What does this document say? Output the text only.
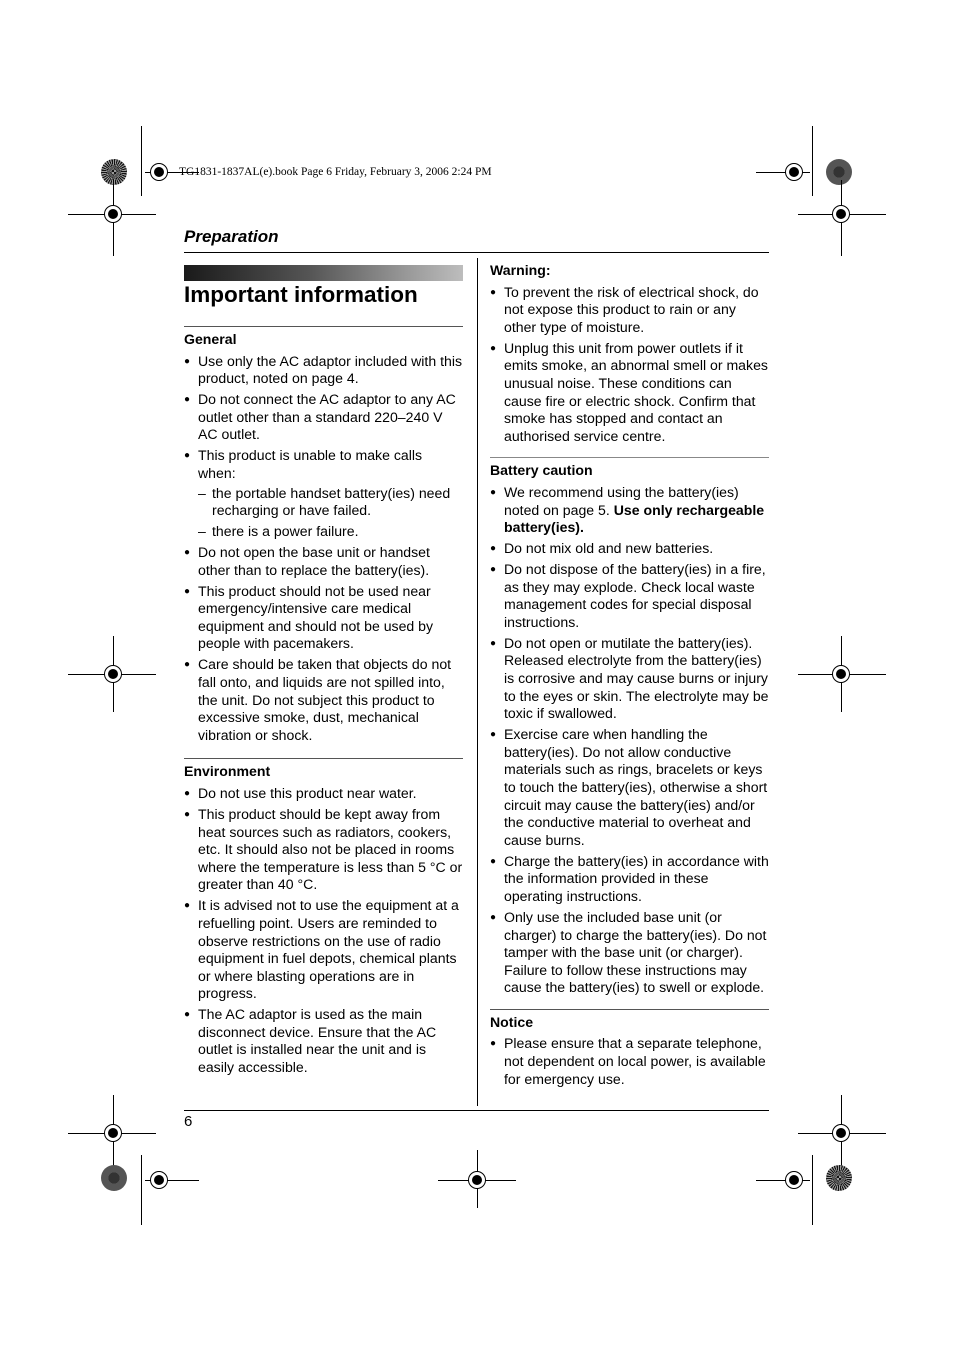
TG1831-1837AL(e).book Page 6 Friday, February 3, 2006 2:24 PM
Preparation
Important information
General
● Use only the AC adaptor included with this product, noted on page 4.
● Do not connect the AC adaptor to any AC outlet other than a standard 220–240 V AC outlet.
● This product is unable to make calls when:
– the portable handset battery(ies) need recharging or have failed.
– there is a power failure.
● Do not open the base unit or handset other than to replace the battery(ies).
● This product should not be used near emergency/intensive care medical equipment and should not be used by people with pacemakers.
● Care should be taken that objects do not fall onto, and liquids are not spilled into, the unit. Do not subject this product to excessive smoke, dust, mechanical vibration or shock.
Environment
● Do not use this product near water.
● This product should be kept away from heat sources such as radiators, cookers, etc. It should also not be placed in rooms where the temperature is less than 5 °C or greater than 40 °C.
● It is advised not to use the equipment at a refuelling point. Users are reminded to observe restrictions on the use of radio equipment in fuel depots, chemical plants or where blasting operations are in progress.
● The AC adaptor is used as the main disconnect device. Ensure that the AC outlet is installed near the unit and is easily accessible.
Warning:
● To prevent the risk of electrical shock, do not expose this product to rain or any other type of moisture.
● Unplug this unit from power outlets if it emits smoke, an abnormal smell or makes unusual noise. These conditions can cause fire or electric shock. Confirm that smoke has stopped and contact an authorised service centre.
Battery caution
● We recommend using the battery(ies) noted on page 5. Use only rechargeable battery(ies).
● Do not mix old and new batteries.
● Do not dispose of the battery(ies) in a fire, as they may explode. Check local waste management codes for special disposal instructions.
● Do not open or mutilate the battery(ies). Released electrolyte from the battery(ies) is corrosive and may cause burns or injury to the eyes or skin. The electrolyte may be toxic if swallowed.
● Exercise care when handling the battery(ies). Do not allow conductive materials such as rings, bracelets or keys to touch the battery(ies), otherwise a short circuit may cause the battery(ies) and/or the conductive material to overheat and cause burns.
● Charge the battery(ies) in accordance with the information provided in these operating instructions.
● Only use the included base unit (or charger) to charge the battery(ies). Do not tamper with the base unit (or charger). Failure to follow these instructions may cause the battery(ies) to swell or explode.
Notice
● Please ensure that a separate telephone, not dependent on local power, is available for emergency use.
6
